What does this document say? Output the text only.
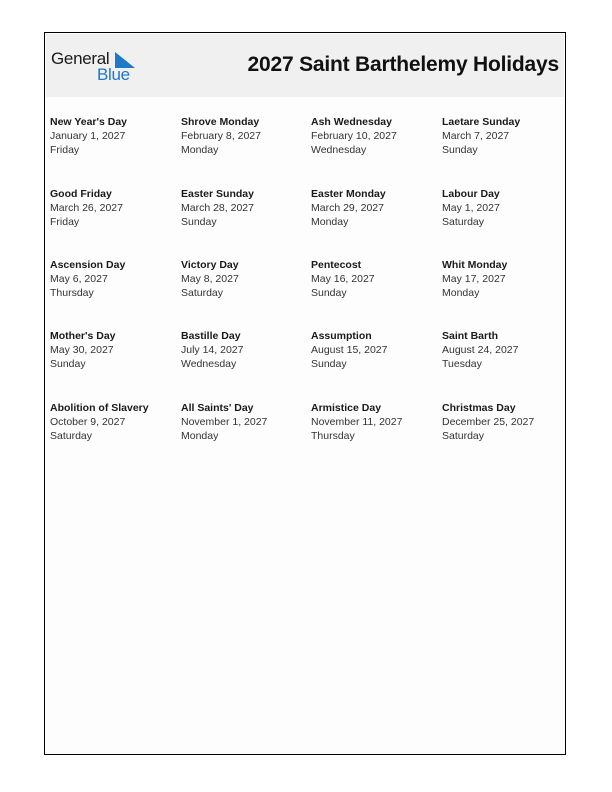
General
Blue	2027 Saint Barthelemy Holidays
New Year's Day
January 1, 2027
Friday
Shrove Monday
February 8, 2027
Monday
Ash Wednesday
February 10, 2027
Wednesday
Laetare Sunday
March 7, 2027
Sunday
Good Friday
March 26, 2027
Friday
Easter Sunday
March 28, 2027
Sunday
Easter Monday
March 29, 2027
Monday
Labour Day
May 1, 2027
Saturday
Ascension Day
May 6, 2027
Thursday
Victory Day
May 8, 2027
Saturday
Pentecost
May 16, 2027
Sunday
Whit Monday
May 17, 2027
Monday
Mother's Day
May 30, 2027
Sunday
Bastille Day
July 14, 2027
Wednesday
Assumption
August 15, 2027
Sunday
Saint Barth
August 24, 2027
Tuesday
Abolition of Slavery
October 9, 2027
Saturday
All Saints' Day
November 1, 2027
Monday
Armistice Day
November 11, 2027
Thursday
Christmas Day
December 25, 2027
Saturday
